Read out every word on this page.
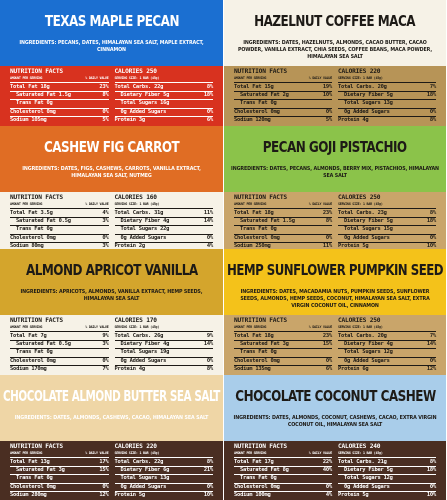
TEXAS MAPLE PECAN
INGREDIENTS: PECANS, DATES, HIMALAYAN SEA SALT, MAPLE EXTRACT, CINNAMON
NUTRITION FACTS
AMOUNT PER SERVING	% DAILY VALUE
Total Fat 18g	23%
Saturated Fat 1.5g	8%
Trans Fat 0g
Cholesterol 0mg	0%
Sodium 105mg	5%
CALORIES 250
SERVING SIZE: 1 BAR (45g)
Total Carbs. 22g	8%
Dietary Fiber 5g	18%
Total Sugars 16g
0g Added Sugars	0%
Protein 3g	6%
HAZELNUT COFFEE MACA
INGREDIENTS: DATES, HAZELNUTS, ALMONDS, CACAO BUTTER, CACAO POWDER, VANILLA EXTRACT, CHIA SEEDS, COFFEE BEANS, MACA POWDER, HIMALAYAN SEA SALT
NUTRITION FACTS
AMOUNT PER SERVING	% DAILY VALUE
Total Fat 15g	19%
Saturated Fat 2g	10%
Trans Fat 0g
Cholesterol 0mg	0%
Sodium 120mg	5%
CALORIES 220
SERVING SIZE: 1 BAR (45g)
Total Carbs. 20g	7%
Dietary Fiber 5g	18%
Total Sugars 13g
0g Added Sugars	0%
Protein 4g	8%
CASHEW FIG CARROT
INGREDIENTS: DATES, FIGS, CASHEWS, CARROTS, VANILLA EXTRACT, HIMALAYAN SEA SALT, NUTMEG
NUTRITION FACTS
AMOUNT PER SERVING	% DAILY VALUE
Total Fat 3.5g	4%
Saturated Fat 0.5g	3%
Trans Fat 0g
Cholesterol 0mg	0%
Sodium 80mg	3%
CALORIES 160
SERVING SIZE: 1 BAR (45g)
Total Carbs. 31g	11%
Dietary Fiber 4g	14%
Total Sugars 22g
0g Added Sugars	0%
Protein 2g	4%
PECAN GOJI PISTACHIO
INGREDIENTS: DATES, PECANS, ALMONDS, BERRY MIX, PISTACHIOS, HIMALAYAN SEA SALT
NUTRITION FACTS
AMOUNT PER SERVING	% DAILY VALUE
Total Fat 18g	23%
Saturated Fat 1.5g	8%
Trans Fat 0g
Cholesterol 0mg	0%
Sodium 250mg	11%
CALORIES 250
SERVING SIZE: 1 BAR (45g)
Total Carbs. 23g	8%
Dietary Fiber 5g	18%
Total Sugars 15g
0g Added Sugars	0%
Protein 5g	10%
ALMOND APRICOT VANILLA
INGREDIENTS: APRICOTS, ALMONDS, VANILLA EXTRACT, HEMP SEEDS, HIMALAYAN SEA SALT
NUTRITION FACTS
AMOUNT PER SERVING	% DAILY VALUE
Total Fat 7g	9%
Saturated Fat 0.5g	3%
Trans Fat 0g
Cholesterol 0mg	0%
Sodium 170mg	7%
CALORIES 170
SERVING SIZE: 1 BAR (45g)
Total Carbs. 26g	9%
Dietary Fiber 4g	14%
Total Sugars 19g
0g Added Sugars	0%
Protein 4g	8%
HEMP SUNFLOWER PUMPKIN SEED
INGREDIENTS: DATES, MACADAMIA NUTS, PUMPKIN SEEDS, SUNFLOWER SEEDS, ALMONDS, HEMP SEEDS, COCONUT, HIMALAYAN SEA SALT, EXTRA VIRGIN COCONUT OIL, CINNAMON
NUTRITION FACTS
AMOUNT PER SERVING	% DAILY VALUE
Total Fat 18g	23%
Saturated Fat 3g	15%
Trans Fat 0g
Cholesterol 0mg	0%
Sodium 135mg	6%
CALORIES 250
SERVING SIZE: 1 BAR (45g)
Total Carbs. 20g	7%
Dietary Fiber 4g	14%
Total Sugars 12g
0g Added Sugars	0%
Protein 6g	12%
CHOCOLATE ALMOND BUTTER SEA SALT
INGREDIENTS: DATES, ALMONDS, CASHEWS, CACAO, HIMALAYAN SEA SALT
NUTRITION FACTS
AMOUNT PER SERVING	% DAILY VALUE
Total Fat 13g	17%
Saturated Fat 3g	15%
Trans Fat 0g
Cholesterol 0mg	0%
Sodium 280mg	12%
CALORIES 220
SERVING SIZE: 1 BAR (45g)
Total Carbs. 22g	8%
Dietary Fiber 6g	21%
Total Sugars 13g
0g Added Sugars	0%
Protein 5g	10%
CHOCOLATE COCONUT CASHEW
INGREDIENTS: DATES, ALMONDS, COCONUT, CASHEWS, CACAO, EXTRA VIRGIN COCONUT OIL, HIMALAYAN SEA SALT
NUTRITION FACTS
AMOUNT PER SERVING	% DAILY VALUE
Total Fat 17g	22%
Saturated Fat 8g	40%
Trans Fat 0g
Cholesterol 0mg	0%
Sodium 100mg	4%
CALORIES 240
SERVING SIZE: 1 BAR (45g)
Total Carbs. 21g	8%
Dietary Fiber 5g	18%
Total Sugars 12g
0g Added Sugars	0%
Protein 5g	10%
